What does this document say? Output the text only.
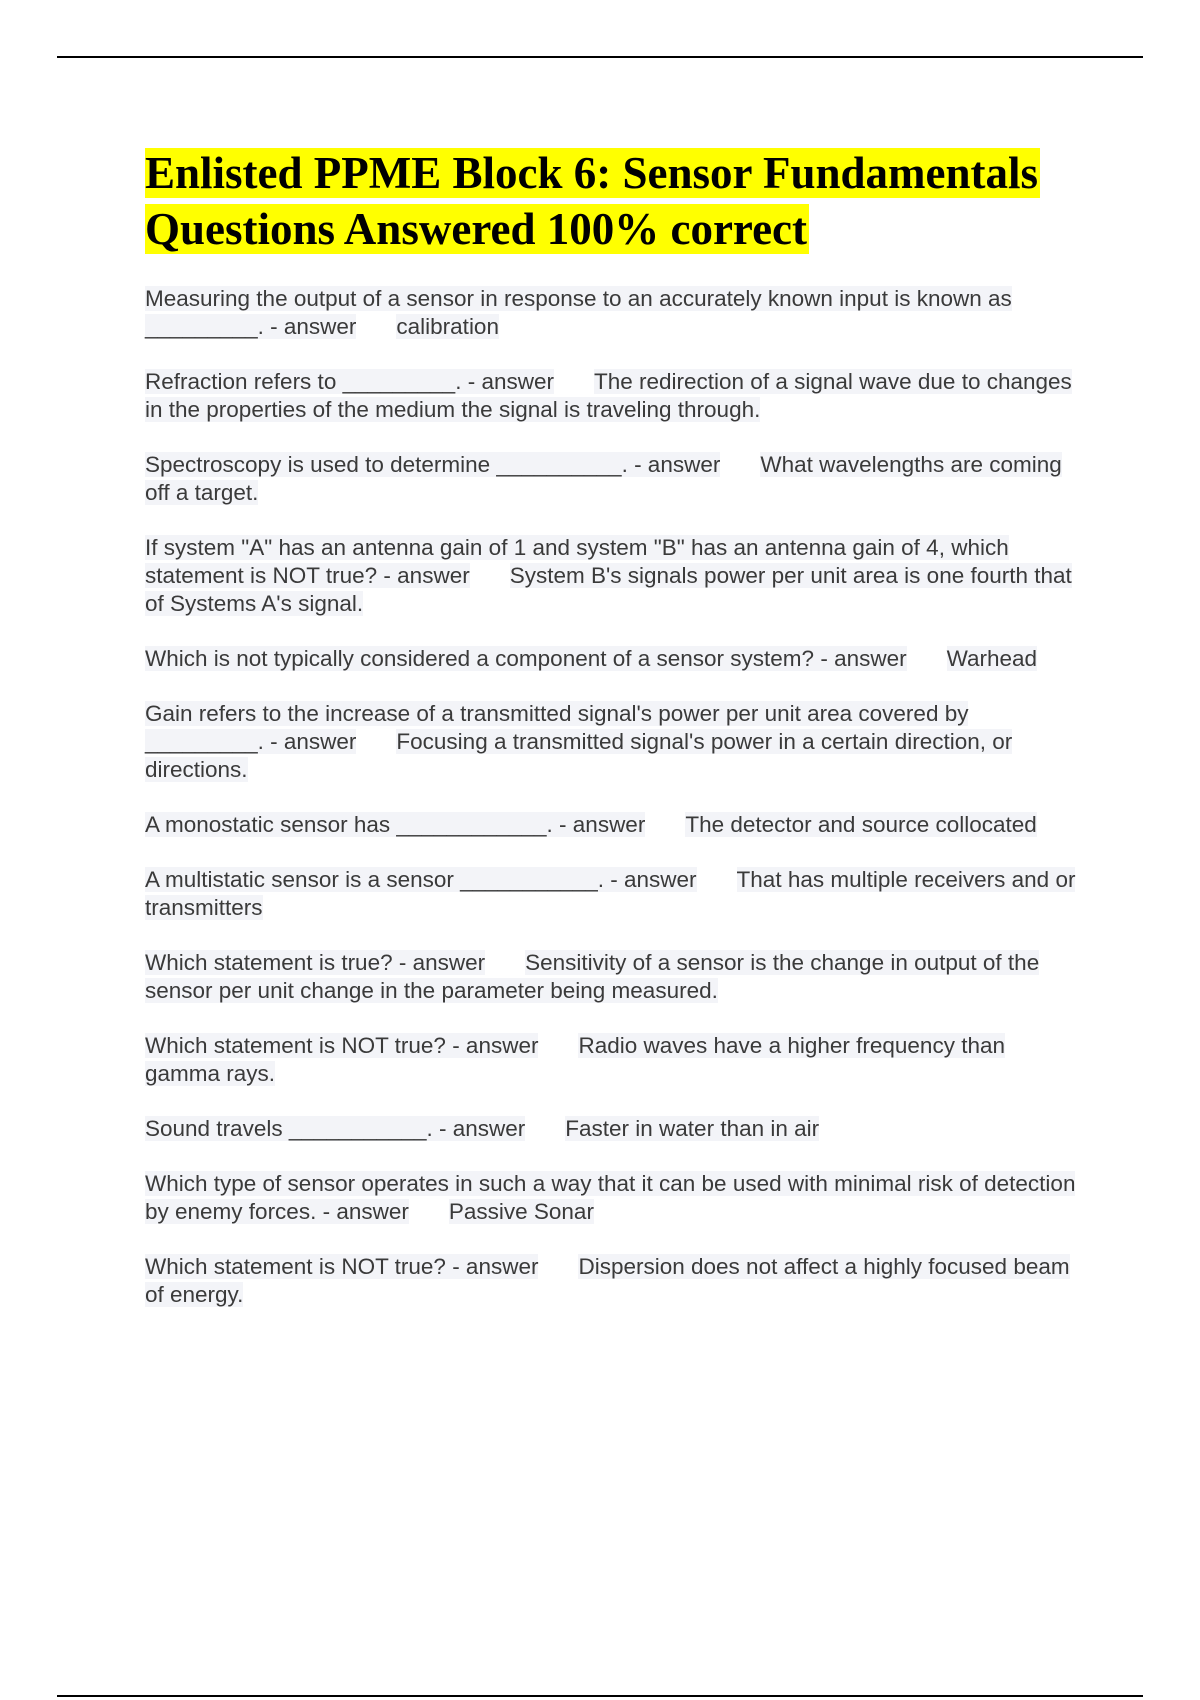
Enlisted PPME Block 6: Sensor Fundamentals Questions Answered 100% correct

Measuring the output of a sensor in response to an accurately known input is known as _________. - answer calibration

Refraction refers to _________. - answer The redirection of a signal wave due to changes in the properties of the medium the signal is traveling through.

Spectroscopy is used to determine __________. - answer What wavelengths are coming off a target.

If system "A" has an antenna gain of 1 and system "B" has an antenna gain of 4, which statement is NOT true? - answer System B's signals power per unit area is one fourth that of Systems A's signal.

Which is not typically considered a component of a sensor system? - answer Warhead

Gain refers to the increase of a transmitted signal's power per unit area covered by _________. - answer Focusing a transmitted signal's power in a certain direction, or directions.

A monostatic sensor has ____________. - answer The detector and source collocated

A multistatic sensor is a sensor ___________. - answer That has multiple receivers and or transmitters

Which statement is true? - answer Sensitivity of a sensor is the change in output of the sensor per unit change in the parameter being measured.

Which statement is NOT true? - answer Radio waves have a higher frequency than gamma rays.

Sound travels ___________. - answer Faster in water than in air

Which type of sensor operates in such a way that it can be used with minimal risk of detection by enemy forces. - answer Passive Sonar

Which statement is NOT true? - answer Dispersion does not affect a highly focused beam of energy.
